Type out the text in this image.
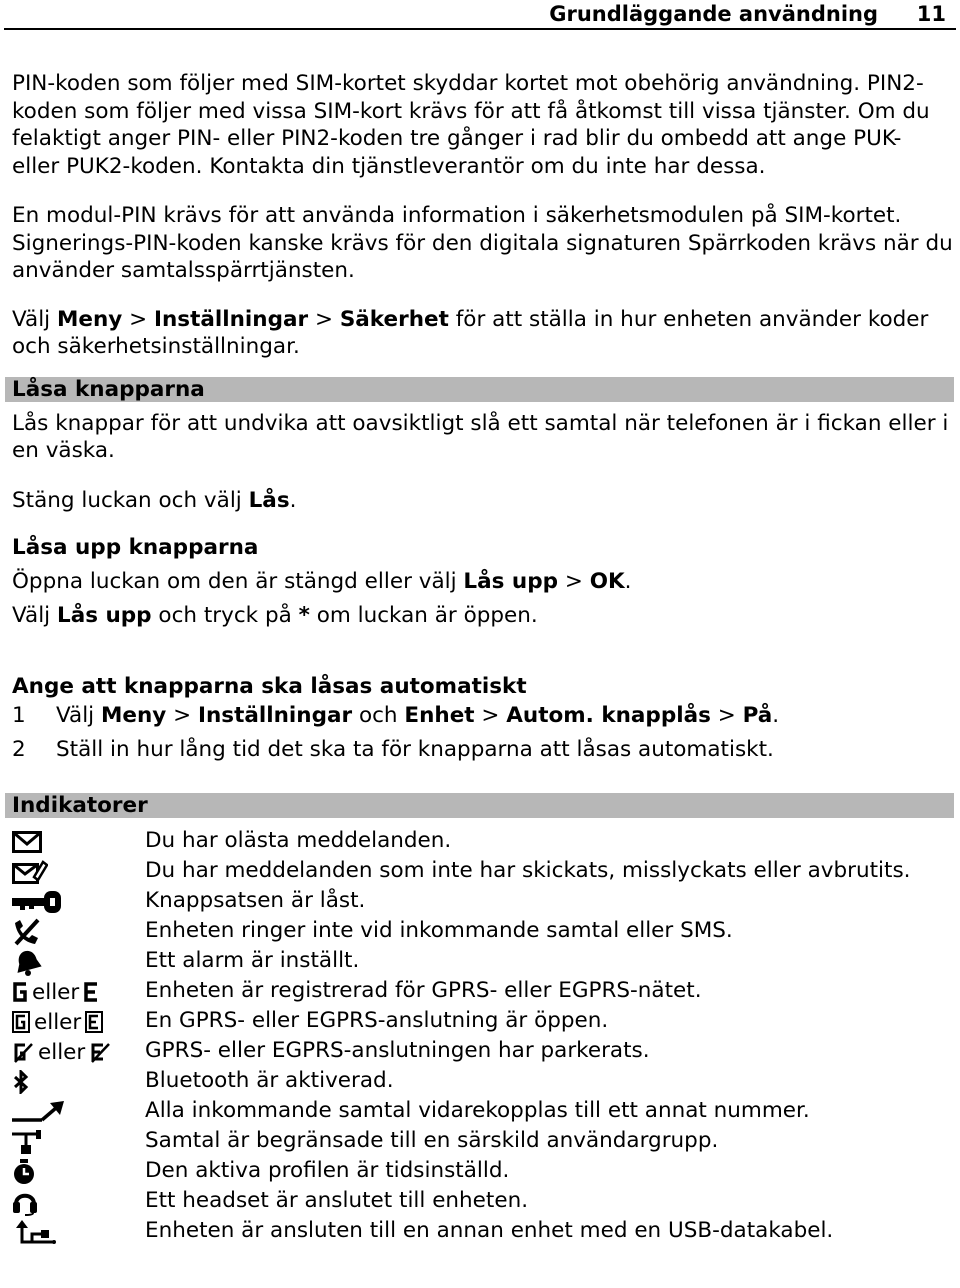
Grundläggande användning 11

PIN-koden som följer med SIM-kortet skyddar kortet mot obehörig användning. PIN2-koden som följer med vissa SIM-kort krävs för att få åtkomst till vissa tjänster. Om du felaktigt anger PIN- eller PIN2-koden tre gånger i rad blir du ombedd att ange PUK- eller PUK2-koden. Kontakta din tjänstleverantör om du inte har dessa.

En modul-PIN krävs för att använda information i säkerhetsmodulen på SIM-kortet. Signerings-PIN-koden kanske krävs för den digitala signaturen Spärrkoden krävs när du använder samtalsspärrtjänsten.

Välj Meny > Inställningar > Säkerhet för att ställa in hur enheten använder koder och säkerhetsinställningar.

Låsa knapparna

Lås knappar för att undvika att oavsiktligt slå ett samtal när telefonen är i fickan eller i en väska.

Stäng luckan och välj Lås.

Låsa upp knapparna

Öppna luckan om den är stängd eller välj Lås upp > OK.

Välj Lås upp och tryck på * om luckan är öppen.

Ange att knapparna ska låsas automatiskt
1	Välj Meny > Inställningar och Enhet > Autom. knapplås > På.
2	Ställ in hur lång tid det ska ta för knapparna att låsas automatiskt.
Indikatorer
Du har olästa meddelanden.
Du har meddelanden som inte har skickats, misslyckats eller avbrutits.
Knappsatsen är låst.
Enheten ringer inte vid inkommande samtal eller SMS.
Ett alarm är inställt.
eller	Enheten är registrerad för GPRS- eller EGPRS-nätet.
eller	En GPRS- eller EGPRS-anslutning är öppen.
eller	GPRS- eller EGPRS-anslutningen har parkerats.
Bluetooth är aktiverad.
Alla inkommande samtal vidarekopplas till ett annat nummer.
Samtal är begränsade till en särskild användargrupp.
Den aktiva profilen är tidsinställd.
Ett headset är anslutet till enheten.
Enheten är ansluten till en annan enhet med en USB-datakabel.
